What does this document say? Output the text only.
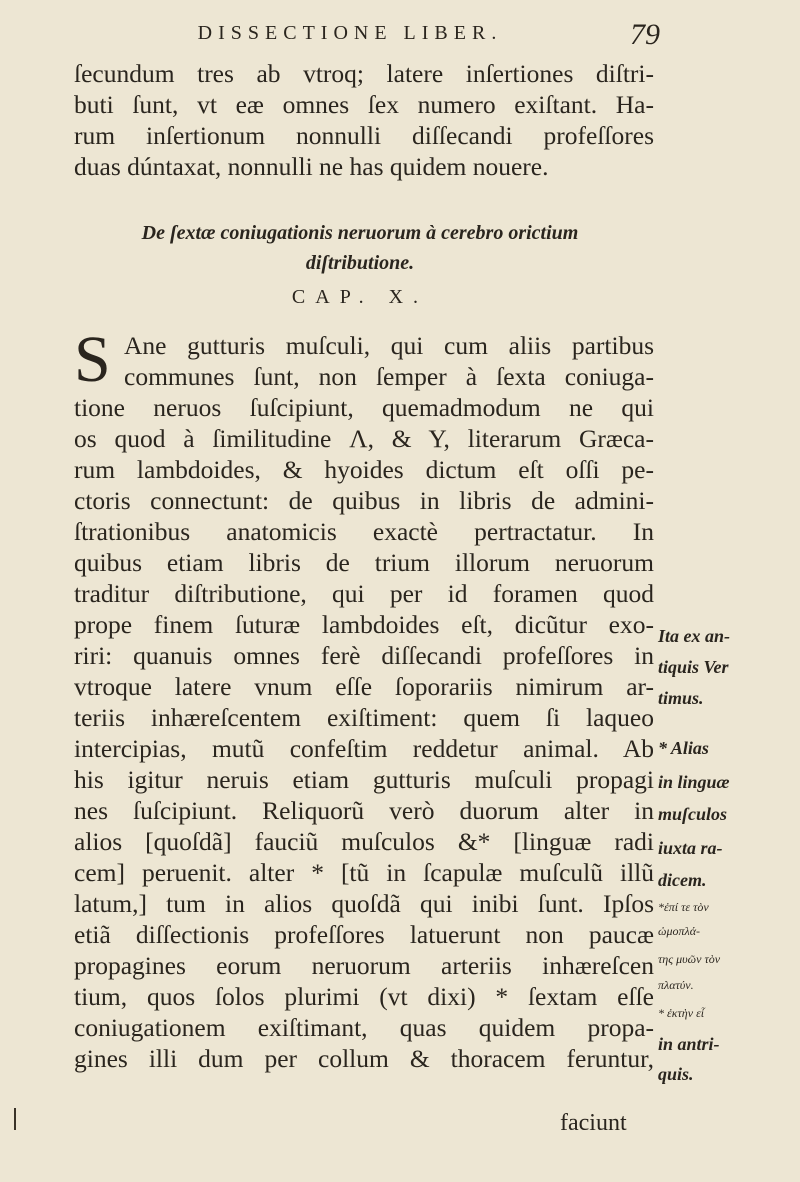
DISSECTIONE LIBER.	79
ſecundum tres ab vtroq; latere inſertiones diſtri-
buti ſunt, vt eæ omnes ſex numero exiſtant. Ha-
rum inſertionum nonnulli diſſecandi profeſſores
duas dúntaxat, nonnulli ne has quidem nouere.
De ſextæ coniugationis neruorum à cerebro orictium
diſtributione.
CAP. X.
S Ane gutturis muſculi, qui cum aliis partibus
communes ſunt, non ſemper à ſexta coniuga-
tione neruos ſuſcipiunt, quemadmodum ne qui
os quod à ſimilitudine Λ, & Υ, literarum Græca-
rum lambdoides, & hyoides dictum eſt oſſi pe-
ctoris connectunt: de quibus in libris de admini-
ſtrationibus anatomicis exactè pertractatur. In
quibus etiam libris de trium illorum neruorum
traditur diſtributione, qui per id foramen quod
prope finem ſuturæ lambdoides eſt, dicũtur exo-
riri: quanuis omnes ferè diſſecandi profeſſores in
vtroque latere vnum eſſe ſoporariis nimirum ar-
teriis inhæreſcentem exiſtiment: quem ſi laqueo
intercipias, mutũ confeſtim reddetur animal. Ab
his igitur neruis etiam gutturis muſculi propagi
nes ſuſcipiunt. Reliquorũ verò duorum alter in
alios [quoſdã] fauciũ muſculos &* [linguæ radi
cem] peruenit. alter * [tũ in ſcapulæ muſculũ illũ
latum,] tum in alios quoſdã qui inibi ſunt. Ipſos
etiã diſſectionis profeſſores latuerunt non paucæ
propagines eorum neruorum arteriis inhæreſcen
tium, quos ſolos plurimi (vt dixi) * ſextam eſſe
coniugationem exiſtimant, quas quidem propa-
gines illi dum per collum & thoracem feruntur,
faciunt
Ita ex an-
tiquis Ver
timus.
* Alias
in linguæ
muſculos
iuxta ra-
dicem.
*ἐπί τε τὸν
ὠμοπλά-
της μυῶν τὸν
πλατύν.
* ἐκτὴν εἶ
in antri-
quis.
